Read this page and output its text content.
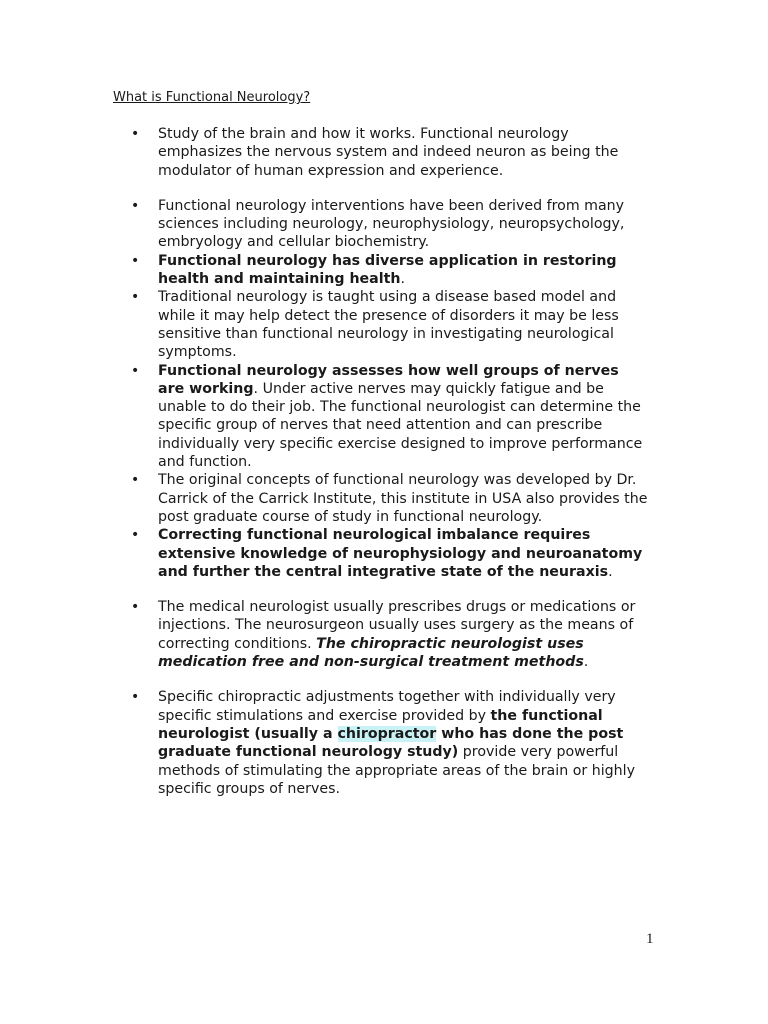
What is Functional Neurology?
• Study of the brain and how it works. Functional neurology emphasizes the nervous system and indeed neuron as being the modulator of human expression and experience.
• Functional neurology interventions have been derived from many sciences including neurology, neurophysiology, neuropsychology, embryology and cellular biochemistry.
• Functional neurology has diverse application in restoring health and maintaining health.
• Traditional neurology is taught using a disease based model and while it may help detect the presence of disorders it may be less sensitive than functional neurology in investigating neurological symptoms.
• Functional neurology assesses how well groups of nerves are working. Under active nerves may quickly fatigue and be unable to do their job. The functional neurologist can determine the specific group of nerves that need attention and can prescribe individually very specific exercise designed to improve performance and function.
• The original concepts of functional neurology was developed by Dr. Carrick of the Carrick Institute, this institute in USA also provides the post graduate course of study in functional neurology.
• Correcting functional neurological imbalance requires extensive knowledge of neurophysiology and neuroanatomy and further the central integrative state of the neuraxis.
• The medical neurologist usually prescribes drugs or medications or injections. The neurosurgeon usually uses surgery as the means of correcting conditions. The chiropractic neurologist uses medication free and non-surgical treatment methods.
• Specific chiropractic adjustments together with individually very specific stimulations and exercise provided by the functional neurologist (usually a chiropractor who has done the post graduate functional neurology study) provide very powerful methods of stimulating the appropriate areas of the brain or highly specific groups of nerves.
1
